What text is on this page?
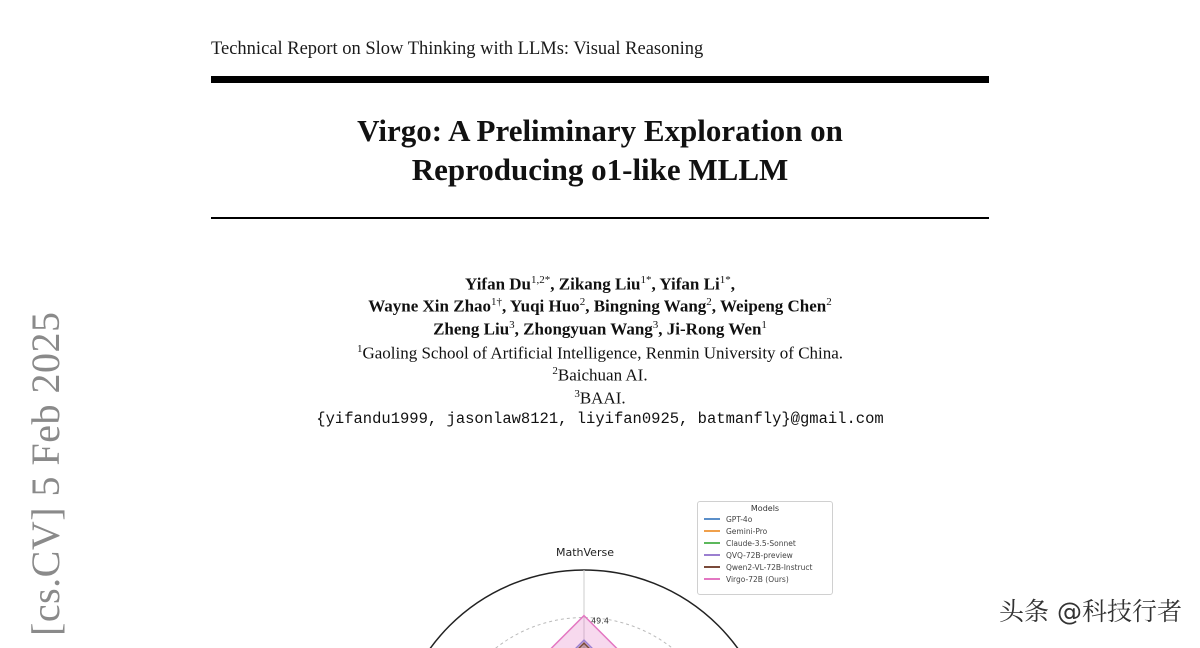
Technical Report on Slow Thinking with LLMs: Visual Reasoning
Virgo: A Preliminary Exploration on
Reproducing o1-like MLLM
Yifan $Du^{1,2*}$, Zikang Liu$^{1*}$, Yifan $Li^{1*}$,
Wayne Xin Zhao$^{1\dagger}$, Yuqi Huo$^2$, Bingning Wang$^2$, Weipeng Chen$^2$
Zheng Liu$^3$, Zhongyuan Wang$^3$, Ji-Rong Wen$^1$
$^1$Gaoling School of Artificial Intelligence, Renmin University of China.
$^2$Baichuan AI.
$^3$BAAI.
{yifandu1999, jasonlaw8121, liyifan0925, batmanfly}@gmail.com
[cs.CV] 5 Feb 2025	MathVerse
49.4
Models
GPT-4o
Gemini-Pro
Claude-3.5-Sonnet
QVQ-72B-preview
Qwen2-VL-72B-Instruct
Virgo-72B (Ours)
头条 @科技行者
